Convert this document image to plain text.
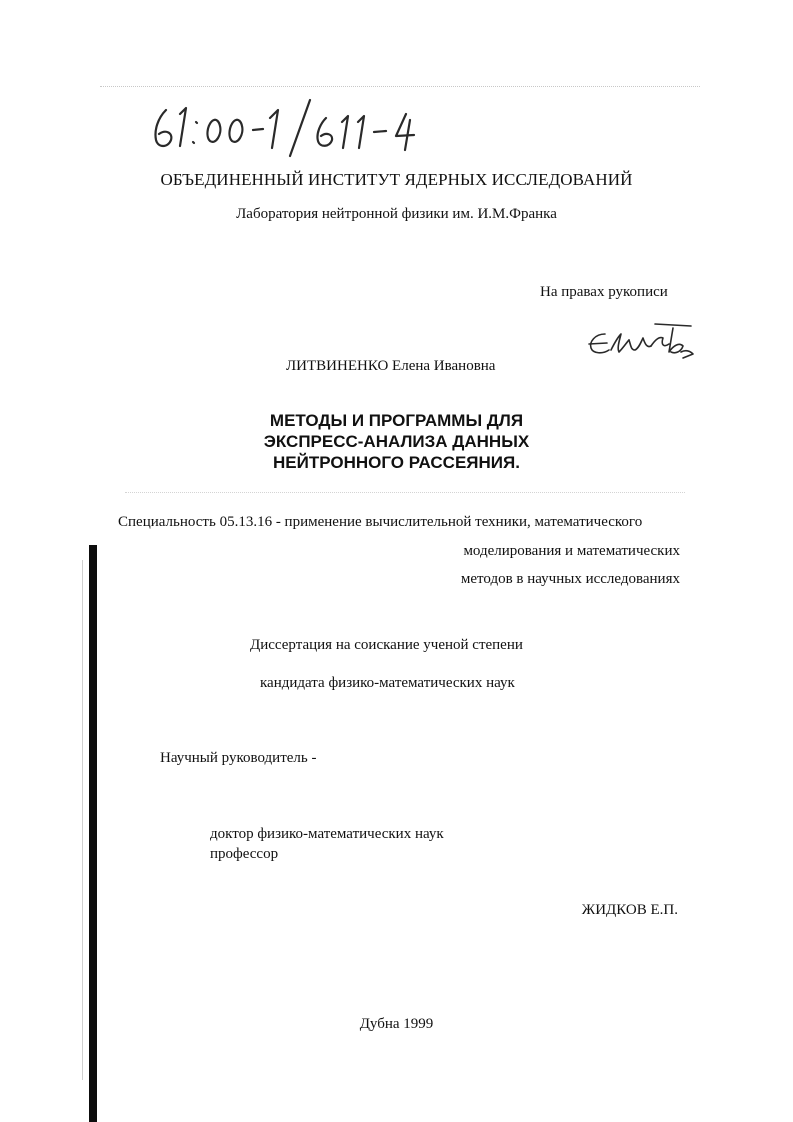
ОБЪЕДИНЕННЫЙ ИНСТИТУТ ЯДЕРНЫХ ИССЛЕДОВАНИЙ
Лаборатория нейтронной физики им. И.М.Франка
На правах рукописи
ЛИТВИНЕНКО Елена Ивановна
МЕТОДЫ И ПРОГРАММЫ ДЛЯ
ЭКСПРЕСС-АНАЛИЗА ДАННЫХ
НЕЙТРОННОГО РАССЕЯНИЯ.
Специальность 05.13.16 - применение вычислительной техники, математического
моделирования и математических
методов в научных исследованиях
Диссертация на соискание ученой степени
кандидата физико-математических наук
Научный руководитель -
доктор физико-математических наук
профессор
ЖИДКОВ Е.П.
Дубна 1999
